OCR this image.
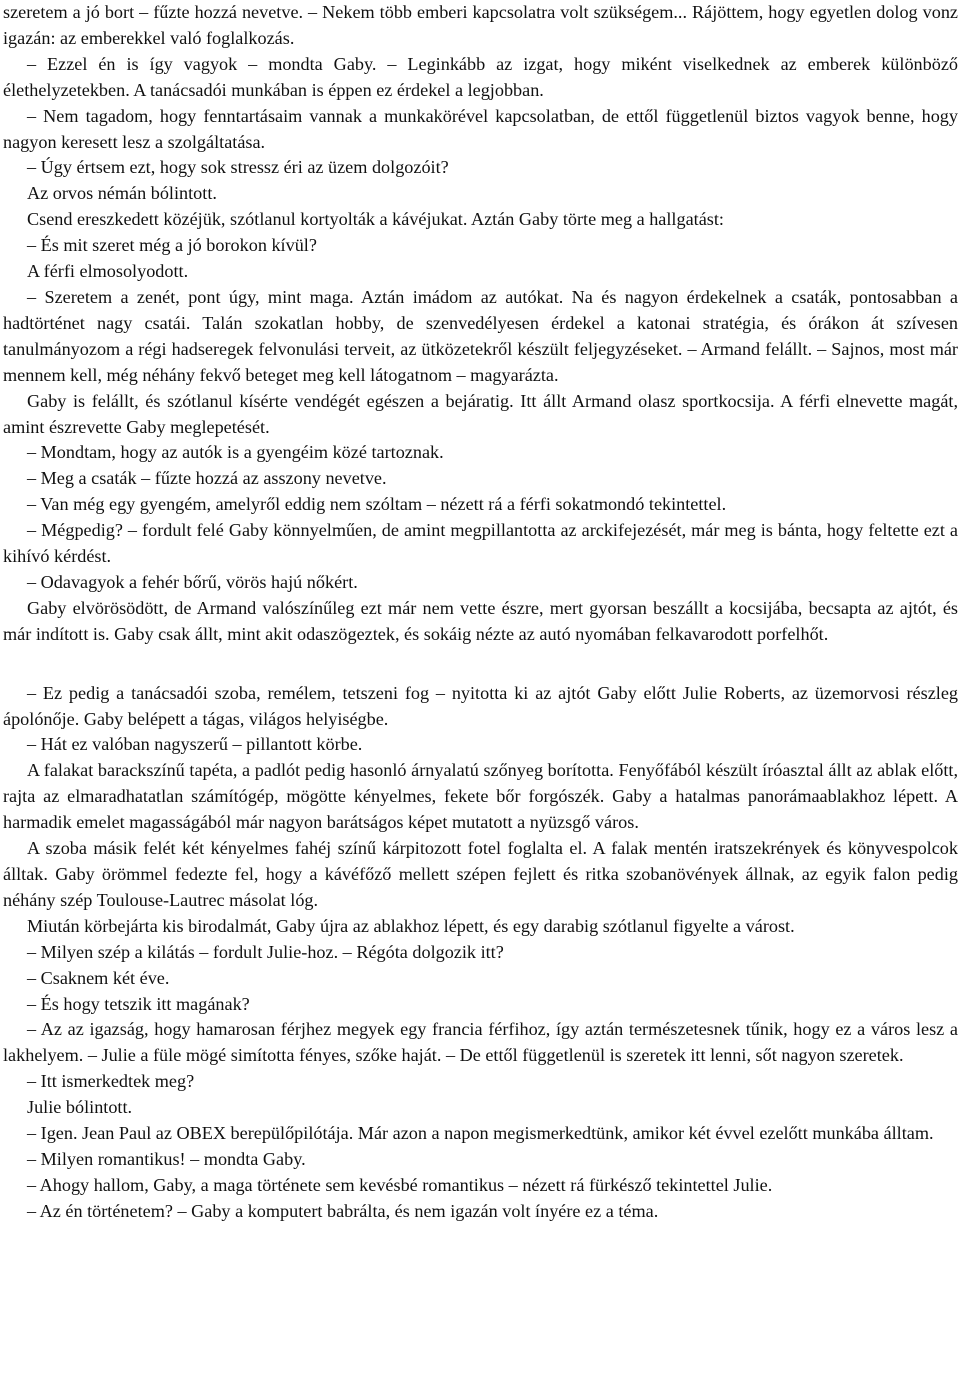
szeretem a jó bort – fűzte hozzá nevetve. – Nekem több emberi kapcsolatra volt szükségem... Rájöttem, hogy egyetlen dolog vonz igazán: az emberekkel való foglalkozás.

– Ezzel én is így vagyok – mondta Gaby. – Leginkább az izgat, hogy miként viselkednek az emberek különböző élethelyzetekben. A tanácsadói munkában is éppen ez érdekel a legjobban.

– Nem tagadom, hogy fenntartásaim vannak a munkakörével kapcsolatban, de ettől függetlenül biztos vagyok benne, hogy nagyon keresett lesz a szolgáltatása.

– Úgy értsem ezt, hogy sok stressz éri az üzem dolgozóit?

Az orvos némán bólintott.

Csend ereszkedett közéjük, szótlanul kortyolták a kávéjukat. Aztán Gaby törte meg a hallgatást:

– És mit szeret még a jó borokon kívül?

A férfi elmosolyodott.

– Szeretem a zenét, pont úgy, mint maga. Aztán imádom az autókat. Na és nagyon érdekelnek a csaták, pontosabban a hadtörténet nagy csatái. Talán szokatlan hobby, de szenvedélyesen érdekel a katonai stratégia, és órákon át szívesen tanulmányozom a régi hadseregek felvonulási terveit, az ütközetekről készült feljegyzéseket. – Armand felállt. – Sajnos, most már mennem kell, még néhány fekvő beteget meg kell látogatnom – magyarázta.

Gaby is felállt, és szótlanul kísérte vendégét egészen a bejáratig. Itt állt Armand olasz sportkocsija. A férfi elnevette magát, amint észrevette Gaby meglepetését.

– Mondtam, hogy az autók is a gyengéim közé tartoznak.

– Meg a csaták – fűzte hozzá az asszony nevetve.

– Van még egy gyengém, amelyről eddig nem szóltam – nézett rá a férfi sokatmondó tekintettel.

– Mégpedig? – fordult felé Gaby könnyelműen, de amint megpillantotta az arckifejezését, már meg is bánta, hogy feltette ezt a kihívó kérdést.

– Odavagyok a fehér bőrű, vörös hajú nőkért.

Gaby elvörösödött, de Armand valószínűleg ezt már nem vette észre, mert gyorsan beszállt a kocsijába, becsapta az ajtót, és már indított is. Gaby csak állt, mint akit odaszögeztek, és sokáig nézte az autó nyomában felkavarodott porfelhőt.

– Ez pedig a tanácsadói szoba, remélem, tetszeni fog – nyitotta ki az ajtót Gaby előtt Julie Roberts, az üzemorvosi részleg ápolónője. Gaby belépett a tágas, világos helyiségbe.

– Hát ez valóban nagyszerű – pillantott körbe.

A falakat barackszínű tapéta, a padlót pedig hasonló árnyalatú szőnyeg borította. Fenyőfából készült íróasztal állt az ablak előtt, rajta az elmaradhatatlan számítógép, mögötte kényelmes, fekete bőr forgószék. Gaby a hatalmas panorámaablakhoz lépett. A harmadik emelet magasságából már nagyon barátságos képet mutatott a nyüzsgő város.

A szoba másik felét két kényelmes fahéj színű kárpitozott fotel foglalta el. A falak mentén iratszekrények és könyvespolcok álltak. Gaby örömmel fedezte fel, hogy a kávéfőző mellett szépen fejlett és ritka szobanövények állnak, az egyik falon pedig néhány szép Toulouse-Lautrec másolat lóg.

Miután körbejárta kis birodalmát, Gaby újra az ablakhoz lépett, és egy darabig szótlanul figyelte a várost.

– Milyen szép a kilátás – fordult Julie-hoz. – Régóta dolgozik itt?

– Csaknem két éve.

– És hogy tetszik itt magának?

– Az az igazság, hogy hamarosan férjhez megyek egy francia férfihoz, így aztán természetesnek tűnik, hogy ez a város lesz a lakhelyem. – Julie a füle mögé simította fényes, szőke haját. – De ettől függetlenül is szeretek itt lenni, sőt nagyon szeretek.

– Itt ismerkedtek meg?

Julie bólintott.

– Igen. Jean Paul az OBEX berepülőpilótája. Már azon a napon megismerkedtünk, amikor két évvel ezelőtt munkába álltam.

– Milyen romantikus! – mondta Gaby.

– Ahogy hallom, Gaby, a maga története sem kevésbé romantikus – nézett rá fürkésző tekintettel Julie.

– Az én történetem? – Gaby a komputert babrálta, és nem igazán volt ínyére ez a téma.
